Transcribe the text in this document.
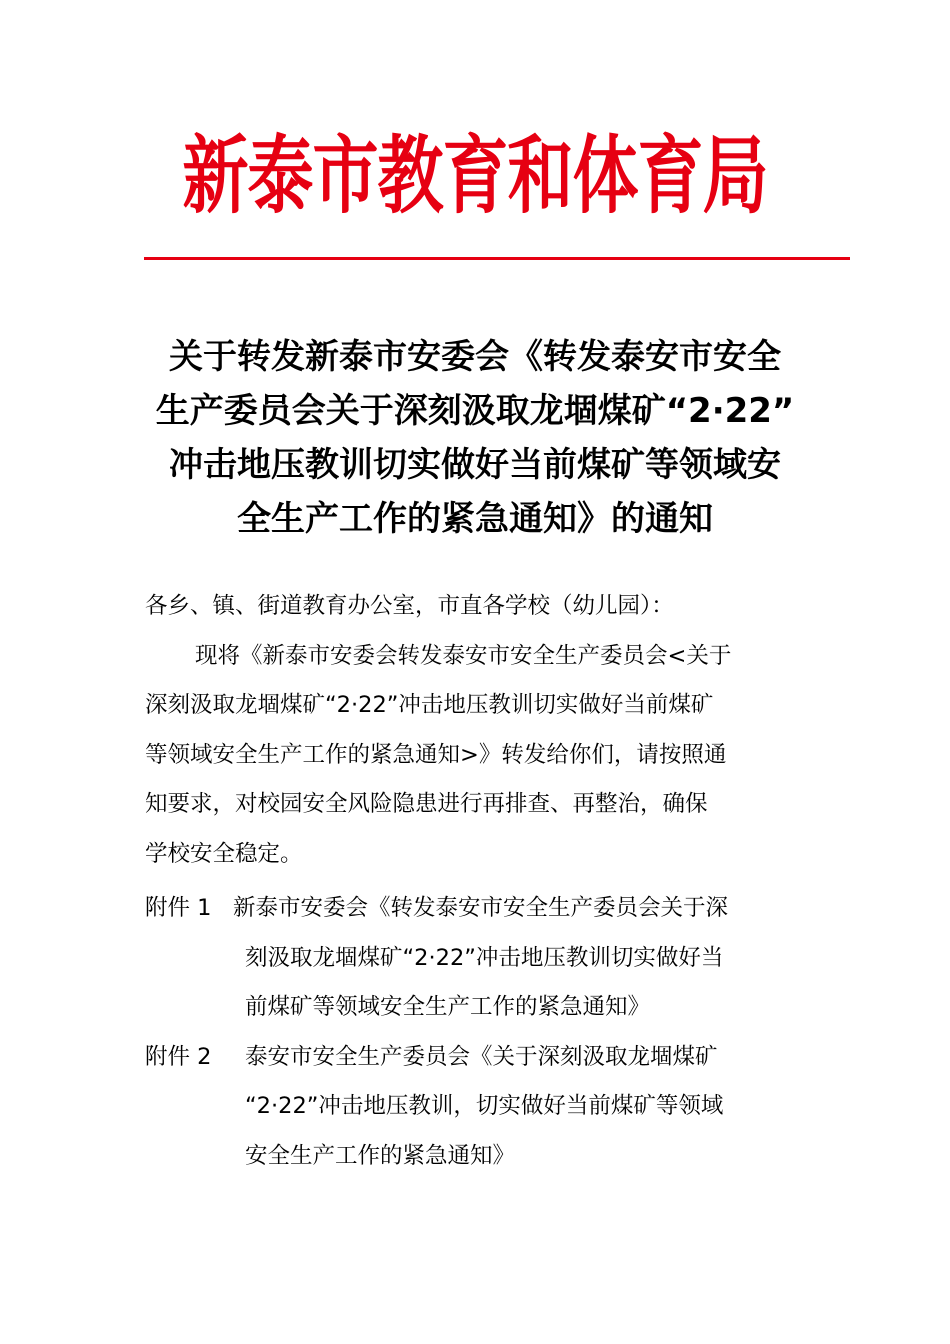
新泰市教育和体育局
关于转发新泰市安委会《转发泰安市安全
生产委员会关于深刻汲取龙堌煤矿“2·22”
冲击地压教训切实做好当前煤矿等领域安
全生产工作的紧急通知》的通知
各乡、镇、街道教育办公室，市直各学校（幼儿园）：
现将《新泰市安委会转发泰安市安全生产委员会<关于
深刻汲取龙堌煤矿“2·22”冲击地压教训切实做好当前煤矿
等领域安全生产工作的紧急通知>》转发给你们，请按照通
知要求，对校园安全风险隐患进行再排查、再整治，确保
学校安全稳定。
附件 1 新泰市安委会《转发泰安市安全生产委员会关于深
刻汲取龙堌煤矿“2·22”冲击地压教训切实做好当
前煤矿等领域安全生产工作的紧急通知》
附件 2 泰安市安全生产委员会《关于深刻汲取龙堌煤矿
“2·22”冲击地压教训，切实做好当前煤矿等领域
安全生产工作的紧急通知》
